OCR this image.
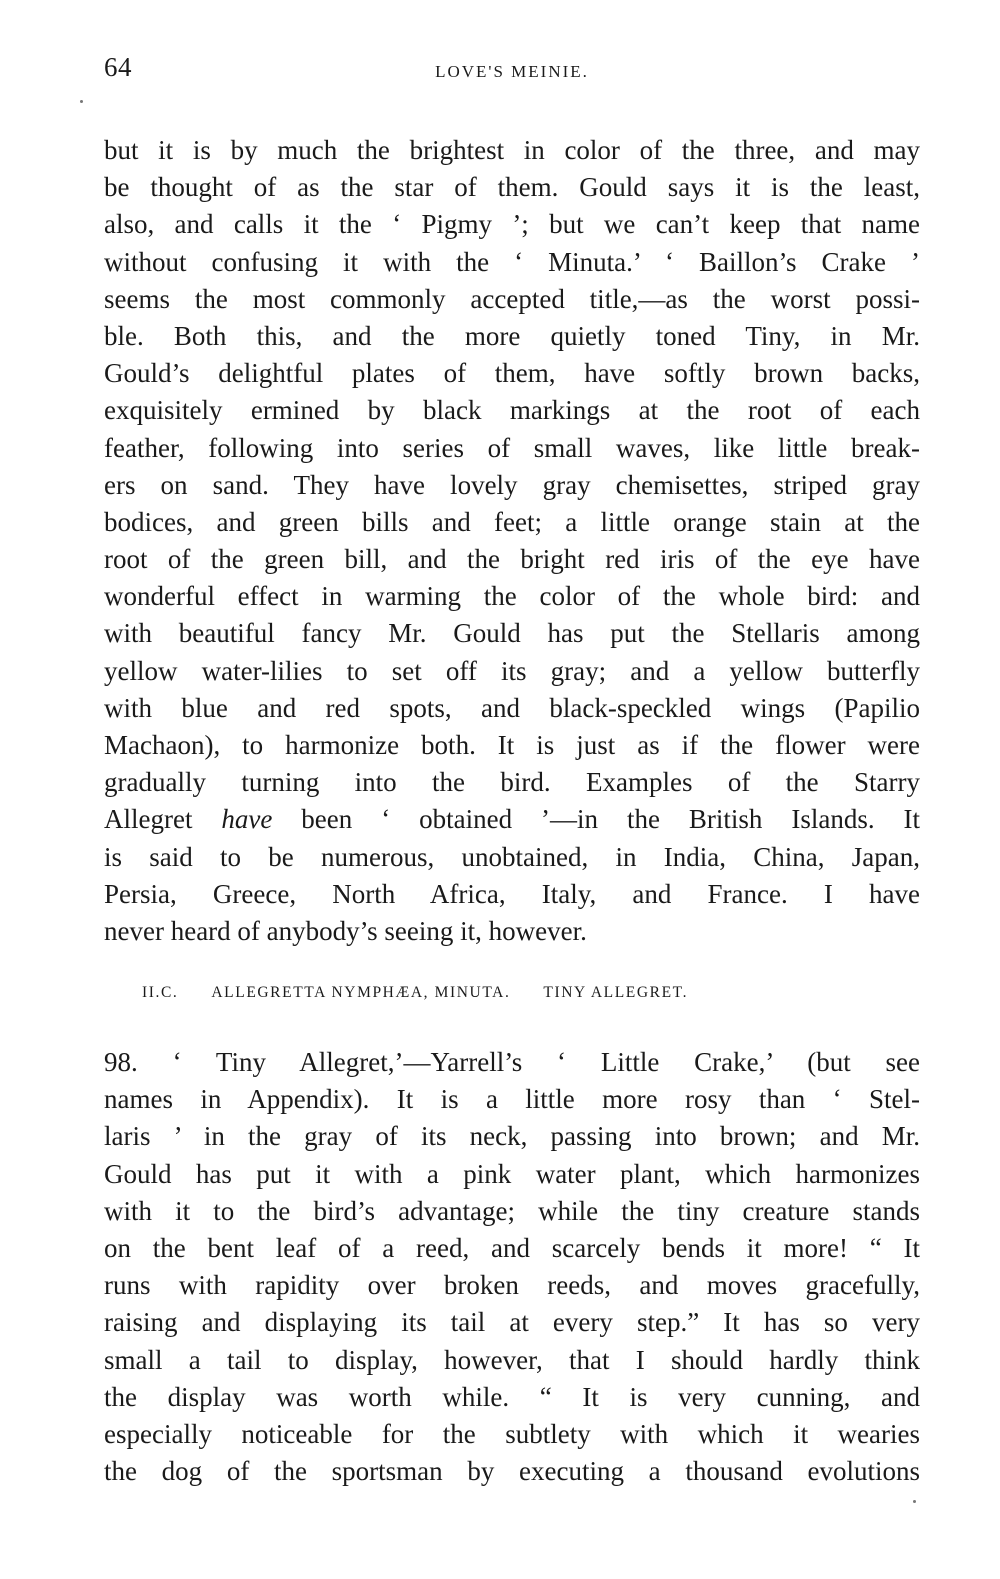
64	LOVE'S MEINIE.
but it is by much the brightest in color of the three, and may
be thought of as the star of them. Gould says it is the least,
also, and calls it the ‘ Pigmy ’; but we can’t keep that name
without confusing it with the ‘ Minuta.’ ‘ Baillon’s Crake ’
seems the most commonly accepted title,—as the worst possi-
ble. Both this, and the more quietly toned Tiny, in Mr.
Gould’s delightful plates of them, have softly brown backs,
exquisitely ermined by black markings at the root of each
feather, following into series of small waves, like little break-
ers on sand. They have lovely gray chemisettes, striped gray
bodices, and green bills and feet; a little orange stain at the
root of the green bill, and the bright red iris of the eye have
wonderful effect in warming the color of the whole bird: and
with beautiful fancy Mr. Gould has put the Stellaris among
yellow water-lilies to set off its gray; and a yellow butterfly
with blue and red spots, and black-speckled wings (Papilio
Machaon), to harmonize both. It is just as if the flower were
gradually turning into the bird. Examples of the Starry
Allegret have been ‘ obtained ’—in the British Islands. It
is said to be numerous, unobtained, in India, China, Japan,
Persia, Greece, North Africa, Italy, and France. I have
never heard of anybody’s seeing it, however.
II.C. ALLEGRETTA NYMPHÆA, MINUTA. TINY ALLEGRET.
98. ‘ Tiny Allegret,’—Yarrell’s ‘ Little Crake,’ (but see
names in Appendix). It is a little more rosy than ‘ Stel-
laris ’ in the gray of its neck, passing into brown; and Mr.
Gould has put it with a pink water plant, which harmonizes
with it to the bird’s advantage; while the tiny creature stands
on the bent leaf of a reed, and scarcely bends it more! “ It
runs with rapidity over broken reeds, and moves gracefully,
raising and displaying its tail at every step.” It has so very
small a tail to display, however, that I should hardly think
the display was worth while. “ It is very cunning, and
especially noticeable for the subtlety with which it wearies
the dog of the sportsman by executing a thousand evolutions
